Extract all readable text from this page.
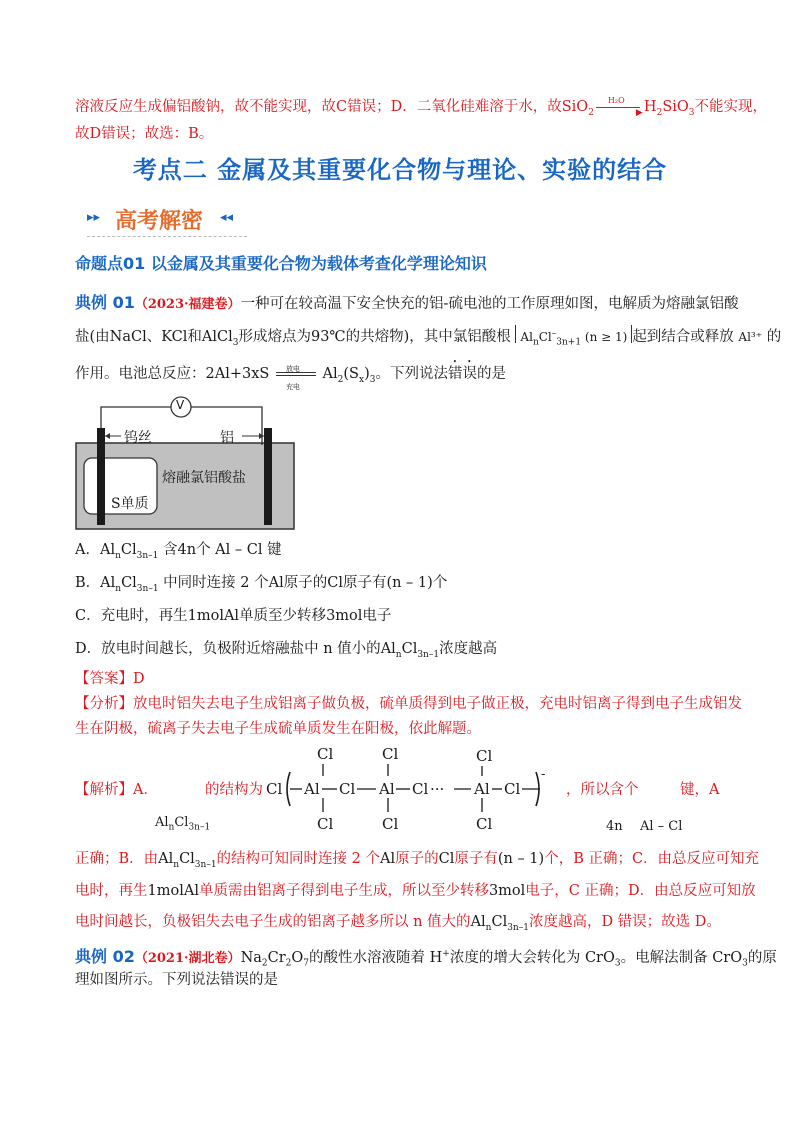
溶液反应生成偏铝酸钠，故不能实现，故C错误；D．二氧化硅难溶于水，故SiO$_2$
H₂O
▶ $H_2SiO_3$不能实现，
故D错误；故选：B。
考点二 金属及其重要化合物与理论、实验的结合
▸▸ 高考解密 ◂◂
命题点01 以金属及其重要化合物为载体考查化学理论知识
典例 01（2023·福建卷）一种可在较高温下安全快充的铝-硫电池的工作原理如图，电解质为熔融氯铝酸
盐(由NaCl、KCl和AlCl$_3$形成熔点为93℃的共熔物)，其中氯铝酸根 $Al_nCl^-_{3n+1}$ (n ≥ 1) 起到结合或释放 Al³⁺ 的
作用。电池总反应：2Al+3xS 放电
充电
$Al_2(S_x)_3$。下列说法错误的是
V
钨丝	铝
S单质
熔融氯铝酸盐
A．$Al_nCl_{3n-1}$ 含4n个 Al – Cl 键
B．$Al_nCl_{3n-1}$ 中同时连接 2 个Al原子的Cl原子有(n – 1)个
C．充电时，再生1molAl单质至少转移3mol电子
D．放电时间越长，负极附近熔融盐中 n 值小的$Al_nCl_{3n-1}$浓度越高
【答案】D
【分析】放电时铝失去电子生成铝离子做负极，硫单质得到电子做正极，充电时铝离子得到电子生成铝发
生在阴极，硫离子失去电子生成硫单质发生在阳极，依此解题。
【解析】A．	的结构为
$Al_nCl_{3n-1}$
Cl
Cl
Cl
Al Cl
Cl
Cl
Al Cl ···
Cl
Cl
Al Cl
-
，所以含 个	键，A
4n Al – Cl
正确；B．由$Al_nCl_{3n-1}$的结构可知同时连接 2 个Al原子的Cl原子有(n – 1)个，B 正确；C．由总反应可知充
电时，再生1molAl单质需由铝离子得到电子生成，所以至少转移3mol电子，C 正确；D．由总反应可知放
电时间越长，负极铝失去电子生成的铝离子越多所以 n 值大的$Al_nCl_{3n-1}$浓度越高，D 错误；故选 D。
典例 02（2021·湖北卷）$Na_2Cr_2O_7$的酸性水溶液随着 H+浓度的增大会转化为 CrO$_3$。电解法制备 CrO$_3$的原
理如图所示。下列说法错误的是
